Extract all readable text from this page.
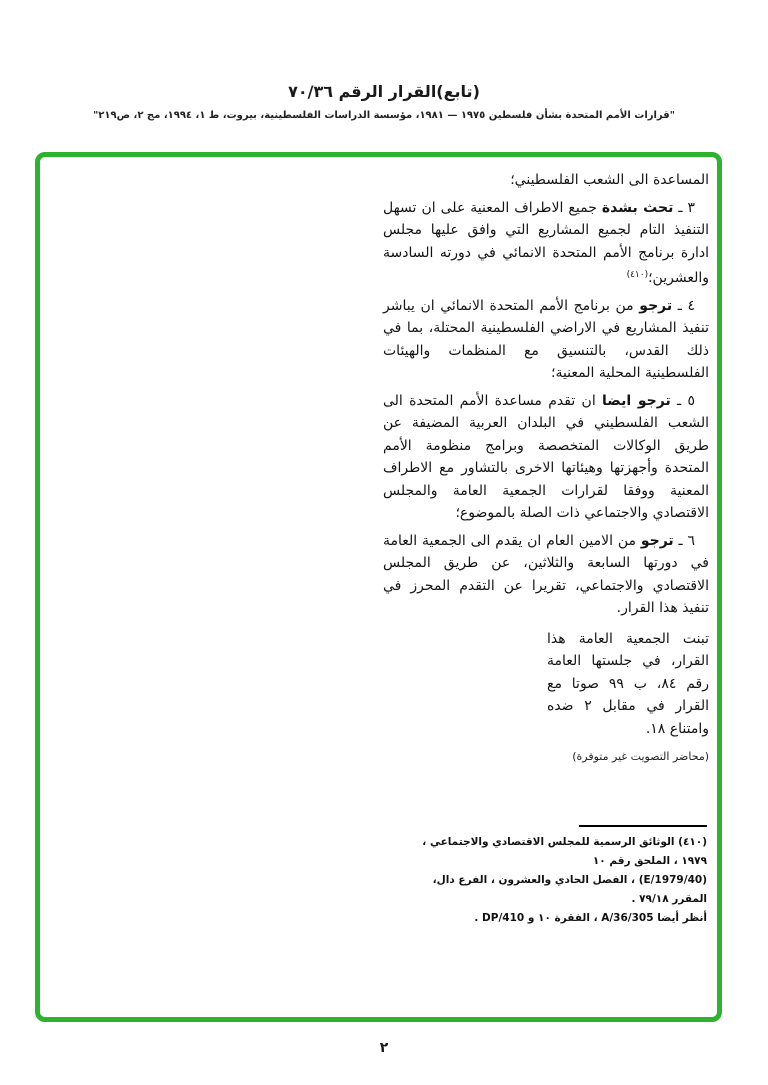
(تابع)القرار الرقم ٧٠/٣٦
"قرارات الأمم المتحدة بشأن فلسطين ١٩٧٥ — ١٩٨١، مؤسسة الدراسات الفلسطينية، بيروت، ط ١، ١٩٩٤، مج ٢، ص٢١٩"

المساعدة الى الشعب الفلسطيني؛

٣ ـ تحث بشدة جميع الاطراف المعنية على ان تسهل التنفيذ التام لجميع المشاريع التي وافق عليها مجلس ادارة برنامج الأمم المتحدة الانمائي في دورته السادسة والعشرين؛$^{(٤١٠)}$

٤ ـ ترجو من برنامج الأمم المتحدة الانمائي ان يباشر تنفيذ المشاريع في الاراضي الفلسطينية المحتلة، بما في ذلك القدس، بالتنسيق مع المنظمات والهيئات الفلسطينية المحلية المعنية؛

٥ ـ ترجو ايضا ان تقدم مساعدة الأمم المتحدة الى الشعب الفلسطيني في البلدان العربية المضيفة عن طريق الوكالات المتخصصة وبرامج منظومة الأمم المتحدة وأجهزتها وهيئاتها الاخرى بالتشاور مع الاطراف المعنية ووفقا لقرارات الجمعية العامة والمجلس الاقتصادي والاجتماعي ذات الصلة بالموضوع؛

٦ ـ ترجو من الامين العام ان يقدم الى الجمعية العامة في دورتها السابعة والثلاثين، عن طريق المجلس الاقتصادي والاجتماعي، تقريرا عن التقدم المحرز في تنفيذ هذا القرار.

تبنت الجمعية العامة هذا القرار، في جلستها العامة رقم ٨٤، ب ٩٩ صوتا مع القرار في مقابل ٢ ضده وامتناع ١٨.
(محاضر التصويت غير متوفرة)
(٤١٠) الوثائق الرسمية للمجلس الاقتصادي والاجتماعي ، ١٩٧٩ ، الملحق رقم ١٠
(E/1979/40) ، الفصل الحادي والعشرون ، الفرع دال، المقرر ٧٩/١٨ .
أنظر أيضا A/36/305 ، الفقرة ١٠ و DP/410 .
٢
